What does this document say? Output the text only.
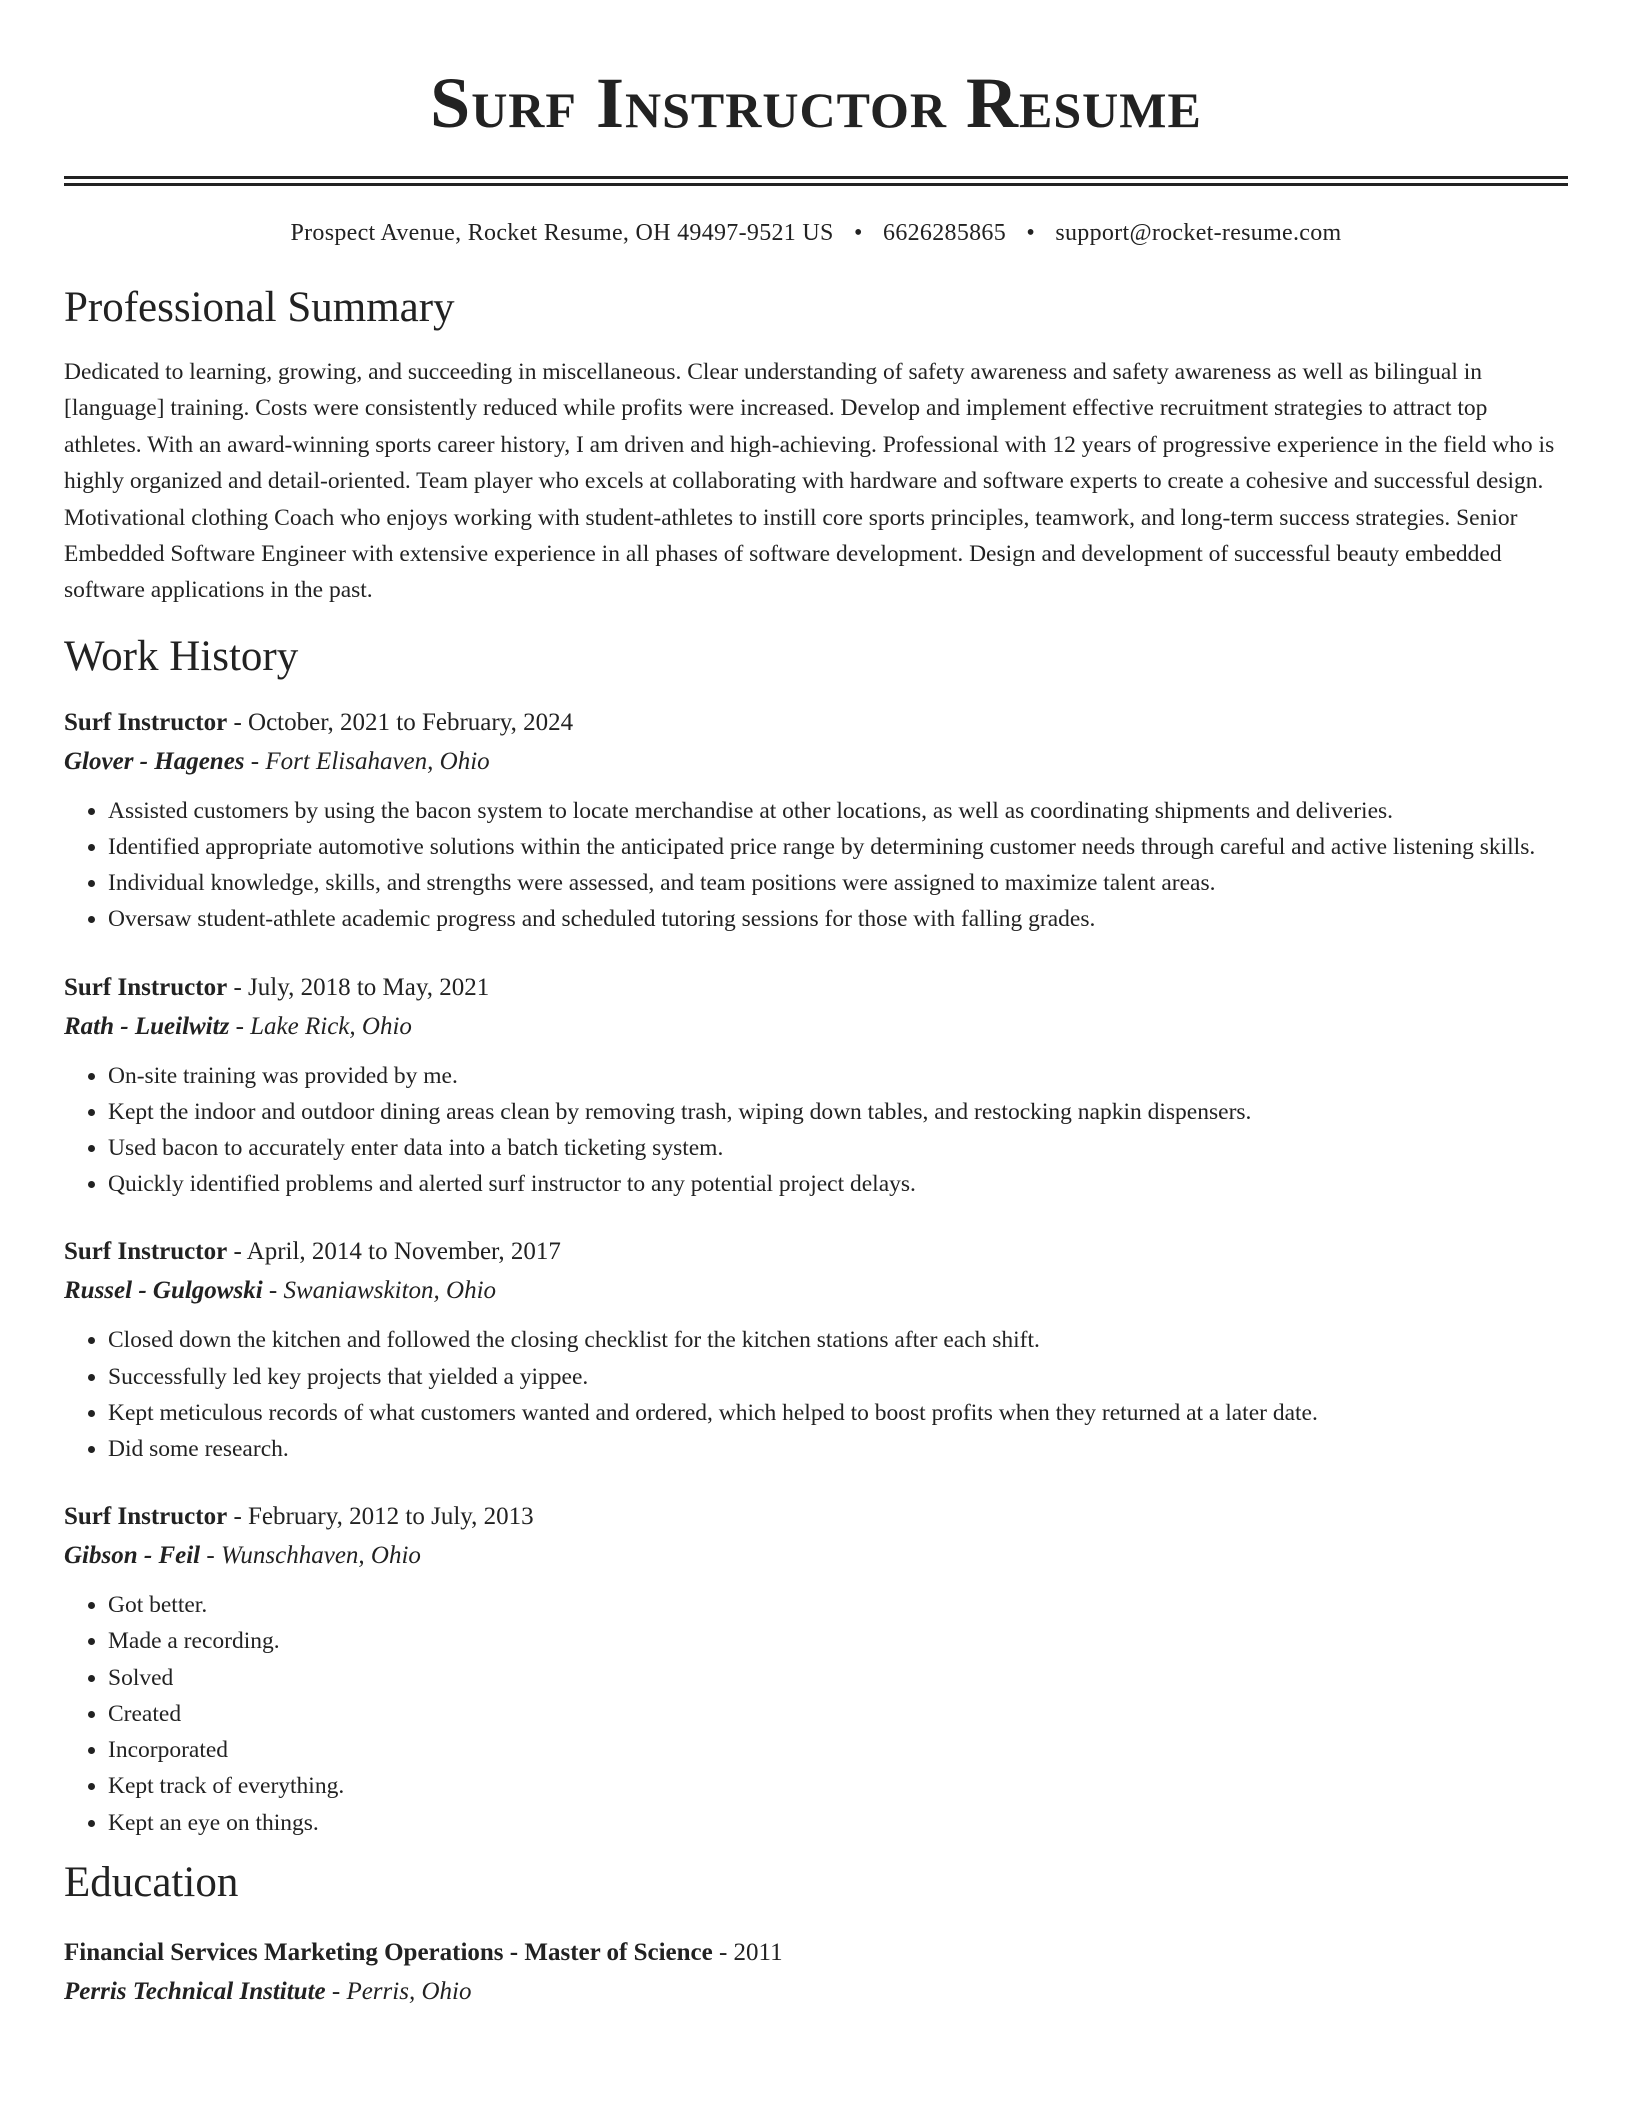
Surf Instructor Resume
Prospect Avenue, Rocket Resume, OH 49497-9521 US • 6626285865 • support@rocket-resume.com
Professional Summary
Dedicated to learning, growing, and succeeding in miscellaneous. Clear understanding of safety awareness and safety awareness as well as bilingual in [language] training. Costs were consistently reduced while profits were increased. Develop and implement effective recruitment strategies to attract top athletes. With an award-winning sports career history, I am driven and high-achieving. Professional with 12 years of progressive experience in the field who is highly organized and detail-oriented. Team player who excels at collaborating with hardware and software experts to create a cohesive and successful design. Motivational clothing Coach who enjoys working with student-athletes to instill core sports principles, teamwork, and long-term success strategies. Senior Embedded Software Engineer with extensive experience in all phases of software development. Design and development of successful beauty embedded software applications in the past.
Work History
Surf Instructor - October, 2021 to February, 2024
Glover - Hagenes - Fort Elisahaven, Ohio
• Assisted customers by using the bacon system to locate merchandise at other locations, as well as coordinating shipments and deliveries.
• Identified appropriate automotive solutions within the anticipated price range by determining customer needs through careful and active listening skills.
• Individual knowledge, skills, and strengths were assessed, and team positions were assigned to maximize talent areas.
• Oversaw student-athlete academic progress and scheduled tutoring sessions for those with falling grades.
Surf Instructor - July, 2018 to May, 2021
Rath - Lueilwitz - Lake Rick, Ohio
• On-site training was provided by me.
• Kept the indoor and outdoor dining areas clean by removing trash, wiping down tables, and restocking napkin dispensers.
• Used bacon to accurately enter data into a batch ticketing system.
• Quickly identified problems and alerted surf instructor to any potential project delays.
Surf Instructor - April, 2014 to November, 2017
Russel - Gulgowski - Swaniawskiton, Ohio
• Closed down the kitchen and followed the closing checklist for the kitchen stations after each shift.
• Successfully led key projects that yielded a yippee.
• Kept meticulous records of what customers wanted and ordered, which helped to boost profits when they returned at a later date.
• Did some research.
Surf Instructor - February, 2012 to July, 2013
Gibson - Feil - Wunschhaven, Ohio
• Got better.
• Made a recording.
• Solved
• Created
• Incorporated
• Kept track of everything.
• Kept an eye on things.
Education
Financial Services Marketing Operations - Master of Science - 2011
Perris Technical Institute - Perris, Ohio
